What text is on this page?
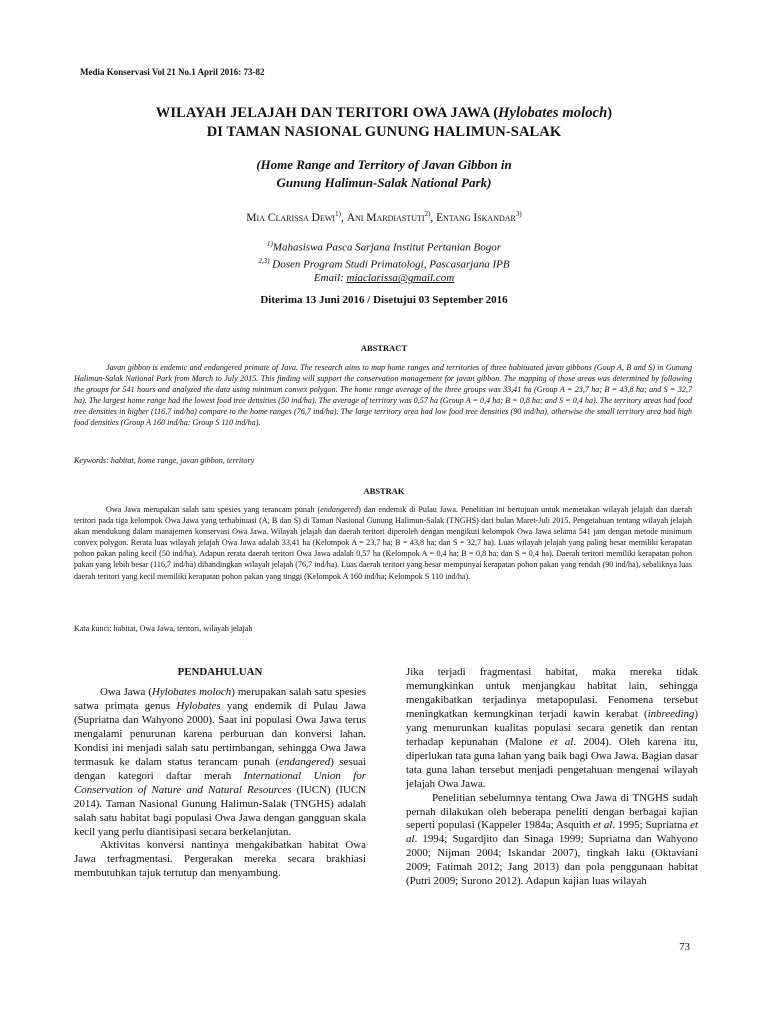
Media Konservasi Vol 21 No.1 April 2016: 73-82
WILAYAH JELAJAH DAN TERITORI OWA JAWA (Hylobates moloch)
DI TAMAN NASIONAL GUNUNG HALIMUN-SALAK
(Home Range and Territory of Javan Gibbon in
Gunung Halimun-Salak National Park)
Mia Clarissa Dewi$^{1)}$, Ani Mardiastuti$^{2)}$, Entang Iskandar$^{3)}$
$^{1)}$Mahasiswa Pasca Sarjana Institut Pertanian Bogor
$^{2,3)}$ Dosen Program Studi Primatologi, Pascasarjana IPB
Email: miaclarissa@gmail.com
Diterima 13 Juni 2016 / Disetujui 03 September 2016
ABSTRACT
Javan gibbon is endemic and endangered primate of Java. The research aims to map home ranges and territories of three habituated javan gibbons (Goup A, B and S) in Gunung Halimun-Salak National Park from March to July 2015. This finding will support the conservation management for javan gibbon. The mapping of those areas was determined by following the groups for 541 hours and analyzed the data using minimum convex polygon. The home range average of the three groups was 33,41 ha (Group A = 23,7 ha; B = 43,8 ha; and S = 32,7 ha). The largest home range had the lowest food tree densities (50 ind/ha). The average of territory was 0,57 ha (Group A = 0,4 ha; B = 0,8 ha; and S = 0,4 ha). The territory areas had food tree densities in higher (116,7 ind/ha) compare to the home ranges (76,7 ind/ha). The large territory area had low food tree densities (90 ind/ha), otherwise the small territory area had high food densities (Group A 160 ind/ha: Group S 110 ind/ha).
Keywords: habitat, home range, javan gibbon, territory
ABSTRAK
Owa Jawa merupakan salah satu spesies yang terancam punah (endangered) dan endemik di Pulau Jawa. Penelitian ini bertujuan untuk memetakan wilayah jelajah dan daerah teritori pada tiga kelompok Owa Jawa yang terhabituasi (A, B dan S) di Taman Nasional Gunung Halimun-Salak (TNGHS) dari bulan Maret-Juli 2015. Pengetahuan tentang wilayah jelajah akan mendukung dalam manajemen konservasi Owa Jawa. Wilayah jelajah dan daerah teritori diperoleh dengan mengikuti kelompok Owa Jawa selama 541 jam dengan metode minimum convex polygon. Rerata luas wilayah jelajah Owa Jawa adalah 33,41 ha (Kelompok A = 23,7 ha; B = 43,8 ha; dan S = 32,7 ha). Luas wilayah jelajah yang paling besar memiliki kerapatan pohon pakan paling kecil (50 ind/ha). Adapun rerata daerah teritori Owa Jawa adalah 0,57 ha (Kelompok A = 0,4 ha; B = 0,8 ha; dan S = 0,4 ha). Daerah teritori memiliki kerapatan pohon pakan yang lebih besar (116,7 ind/ha) dibandingkan wilayah jelajah (76,7 ind/ha). Luas daerah teritori yang besar mempunyai kerapatan pohon pakan yang rendah (90 ind/ha), sebaliknya luas daerah teritori yang kecil memiliki kerapatan pohon pakan yang tinggi (Kelompok A 160 ind/ha; Kelompok S 110 ind/ha).
Kata kunci: habitat, Owa Jawa, teritori, wilayah jelajah
PENDAHULUAN

Owa Jawa (Hylobates moloch) merupakan salah satu spesies satwa primata genus Hylobates yang endemik di Pulau Jawa (Supriatna dan Wahyono 2000). Saat ini populasi Owa Jawa terus mengalami penurunan karena perburuan dan konversi lahan. Kondisi ini menjadi salah satu pertimbangan, sehingga Owa Jawa termasuk ke dalam status terancam punah (endangered) sesuai dengan kategori daftar merah International Union for Conservation of Nature and Natural Resources (IUCN) (IUCN 2014). Taman Nasional Gunung Halimun-Salak (TNGHS) adalah salah satu habitat bagi populasi Owa Jawa dengan gangguan skala kecil yang perlu diantisipasi secara berkelanjutan.

Aktivitas konversi nantinya mengakibatkan habitat Owa Jawa terfragmentasi. Pergerakan mereka secara brakhiasi membutuhkan tajuk tertutup dan menyambung.

Jika terjadi fragmentasi habitat, maka mereka tidak memungkinkan untuk menjangkau habitat lain, sehingga mengakibatkan terjadinya metapopulasi. Fenomena tersebut meningkatkan kemungkinan terjadi kawin kerabat (inbreeding) yang menurunkan kualitas populasi secara genetik dan rentan terhadap kepunahan (Malone et al. 2004). Oleh karena itu, diperlukan tata guna lahan yang baik bagi Owa Jawa. Bagian dasar tata guna lahan tersebut menjadi pengetahuan mengenai wilayah jelajah Owa Jawa.

Penelitian sebelumnya tentang Owa Jawa di TNGHS sudah pernah dilakukan oleh beberapa peneliti dengan berbagai kajian seperti populasi (Kappeler 1984a; Asquith et al. 1995; Supriatna et al. 1994; Sugardjito dan Sinaga 1999; Supriatna dan Wahyono 2000; Nijman 2004; Iskandar 2007), tingkah laku (Oktaviani 2009; Fatimah 2012; Jang 2013) dan pola penggunaan habitat (Putri 2009; Surono 2012). Adapun kajian luas wilayah

73
